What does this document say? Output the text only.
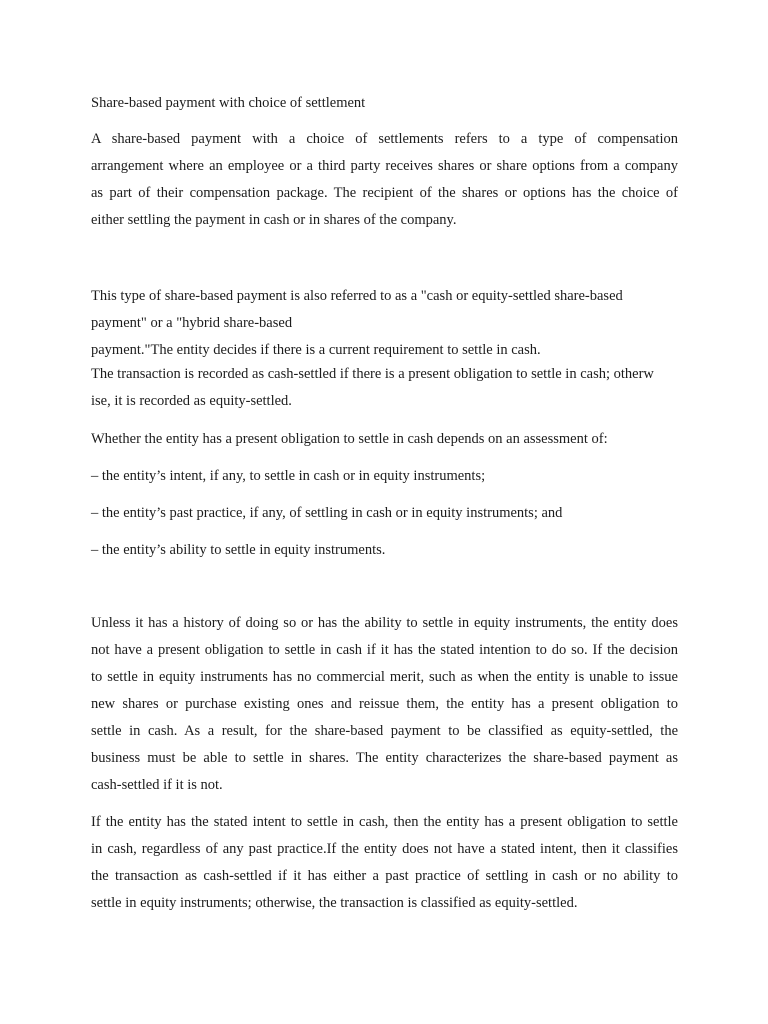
Share-based payment with choice of settlement
A share-based payment with a choice of settlements refers to a type of compensation
arrangement where an employee or a third party receives shares or share options from a company
as part of their compensation package. The recipient of the shares or options has the choice of
either settling the payment in cash or in shares of the company.
This type of share-based payment is also referred to as a "cash or equity-settled share-based
payment" or a "hybrid share-based
payment."The entity decides if there is a current requirement to settle in cash.
The transaction is recorded as cash-settled if there is a present obligation to settle in cash; otherw
ise, it is recorded as equity-settled.
Whether the entity has a present obligation to settle in cash depends on an assessment of:
– the entity’s intent, if any, to settle in cash or in equity instruments;
– the entity’s past practice, if any, of settling in cash or in equity instruments; and
– the entity’s ability to settle in equity instruments.
Unless it has a history of doing so or has the ability to settle in equity instruments, the entity does
not have a present obligation to settle in cash if it has the stated intention to do so. If the decision
to settle in equity instruments has no commercial merit, such as when the entity is unable to issue
new shares or purchase existing ones and reissue them, the entity has a present obligation to
settle in cash. As a result, for the share-based payment to be classified as equity-settled, the
business must be able to settle in shares. The entity characterizes the share-based payment as
cash-settled if it is not.
If the entity has the stated intent to settle in cash, then the entity has a present obligation to settle
in cash, regardless of any past practice.If the entity does not have a stated intent, then it classifies
the transaction as cash-settled if it has either a past practice of settling in cash or no ability to
settle in equity instruments; otherwise, the transaction is classified as equity-settled.
